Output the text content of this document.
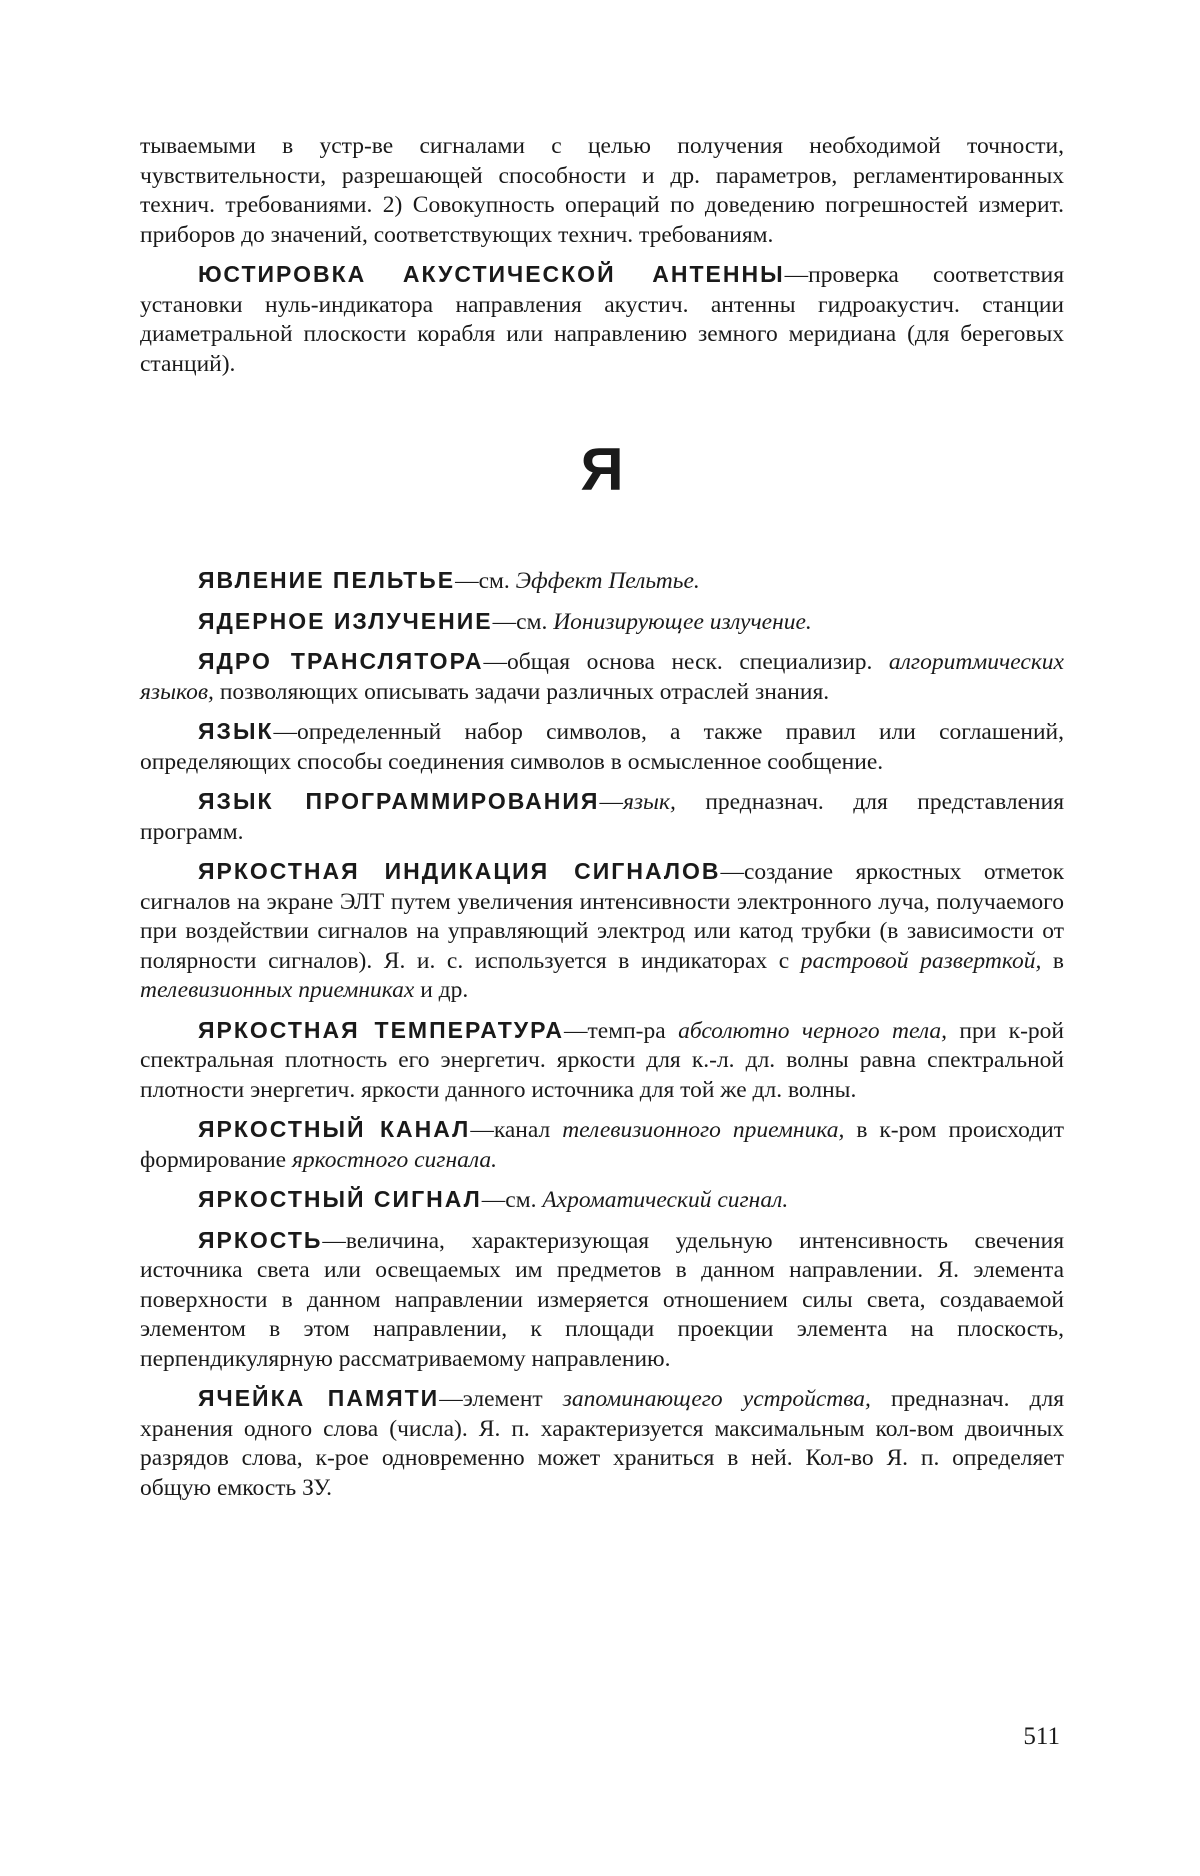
тываемыми в устр-ве сигналами с целью получения необходимой точности, чувствительности, разрешающей способности и др. параметров, регламентированных технич. требованиями. 2) Совокупность операций по доведению погрешностей измерит. приборов до значений, соответствующих технич. требованиям.

ЮСТИРОВКА АКУСТИЧЕСКОЙ АНТЕННЫ—проверка соответствия установки нуль-индикатора направления акустич. антенны гидроакустич. станции диаметральной плоскости корабля или направлению земного меридиана (для береговых станций).

Я

ЯВЛЕНИЕ ПЕЛЬТЬЕ—см. Эффект Пельтье.

ЯДЕРНОЕ ИЗЛУЧЕНИЕ—см. Ионизирующее излучение.

ЯДРО ТРАНСЛЯТОРА—общая основа неск. специализир. алгоритмических языков, позволяющих описывать задачи различных отраслей знания.

ЯЗЫК—определенный набор символов, а также правил или соглашений, определяющих способы соединения символов в осмысленное сообщение.

ЯЗЫК ПРОГРАММИРОВАНИЯ—язык, предназнач. для представления программ.

ЯРКОСТНАЯ ИНДИКАЦИЯ СИГНАЛОВ—создание яркостных отметок сигналов на экране ЭЛТ путем увеличения интенсивности электронного луча, получаемого при воздействии сигналов на управляющий электрод или катод трубки (в зависимости от полярности сигналов). Я. и. с. используется в индикаторах с растровой разверткой, в телевизионных приемниках и др.

ЯРКОСТНАЯ ТЕМПЕРАТУРА—темп-ра абсолютно черного тела, при к-рой спектральная плотность его энергетич. яркости для к.-л. дл. волны равна спектральной плотности энергетич. яркости данного источника для той же дл. волны.

ЯРКОСТНЫЙ КАНАЛ—канал телевизионного приемника, в к-ром происходит формирование яркостного сигнала.

ЯРКОСТНЫЙ СИГНАЛ—см. Ахроматический сигнал.

ЯРКОСТЬ—величина, характеризующая удельную интенсивность свечения источника света или освещаемых им предметов в данном направлении. Я. элемента поверхности в данном направлении измеряется отношением силы света, создаваемой элементом в этом направлении, к площади проекции элемента на плоскость, перпендикулярную рассматриваемому направлению.

ЯЧЕЙКА ПАМЯТИ—элемент запоминающего устройства, предназнач. для хранения одного слова (числа). Я. п. характеризуется максимальным кол-вом двоичных разрядов слова, к-рое одновременно может храниться в ней. Кол-во Я. п. определяет общую емкость ЗУ.

511
